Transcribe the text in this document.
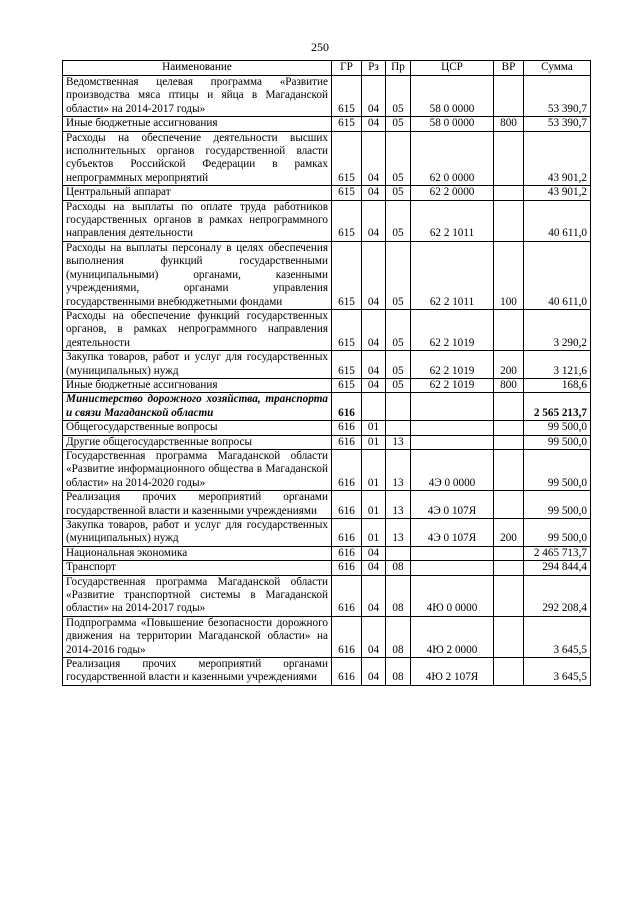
250
Наименование	ГР	Рз	Пр	ЦСР	ВР	Сумма
Ведомственная целевая программа «Развитие производства мяса птицы и яйца в Магаданской области» на 2014-2017 годы»	615	04	05	58 0 0000		53 390,7
Иные бюджетные ассигнования	615	04	05	58 0 0000	800	53 390,7
Расходы на обеспечение деятельности высших исполнительных органов государственной власти субъектов Российской Федерации в рамках непрограммных мероприятий	615	04	05	62 0 0000		43 901,2
Центральный аппарат	615	04	05	62 2 0000		43 901,2
Расходы на выплаты по оплате труда работников государственных органов в рамках непрограммного направления деятельности	615	04	05	62 2 1011		40 611,0
Расходы на выплаты персоналу в целях обеспечения выполнения функций государственными (муниципальными) органами, казенными учреждениями, органами управления государственными внебюджетными фондами	615	04	05	62 2 1011	100	40 611,0
Расходы на обеспечение функций государственных органов, в рамках непрограммного направления деятельности	615	04	05	62 2 1019		3 290,2
Закупка товаров, работ и услуг для государственных (муниципальных) нужд	615	04	05	62 2 1019	200	3 121,6
Иные бюджетные ассигнования	615	04	05	62 2 1019	800	168,6
Министерство дорожного хозяйства, транспорта и связи Магаданской области	616					2 565 213,7
Общегосударственные вопросы	616	01				99 500,0
Другие общегосударственные вопросы	616	01	13			99 500,0
Государственная программа Магаданской области «Развитие информационного общества в Магаданской области» на 2014-2020 годы»	616	01	13	4Э 0 0000		99 500,0
Реализация прочих мероприятий органами государственной власти и казенными учреждениями	616	01	13	4Э 0 107Я		99 500,0
Закупка товаров, работ и услуг для государственных (муниципальных) нужд	616	01	13	4Э 0 107Я	200	99 500,0
Национальная экономика	616	04				2 465 713,7
Транспорт	616	04	08			294 844,4
Государственная программа Магаданской области «Развитие транспортной системы в Магаданской области» на 2014-2017 годы»	616	04	08	4Ю 0 0000		292 208,4
Подпрограмма «Повышение безопасности дорожного движения на территории Магаданской области» на 2014-2016 годы»	616	04	08	4Ю 2 0000		3 645,5
Реализация прочих мероприятий органами государственной власти и казенными учреждениями	616	04	08	4Ю 2 107Я		3 645,5
